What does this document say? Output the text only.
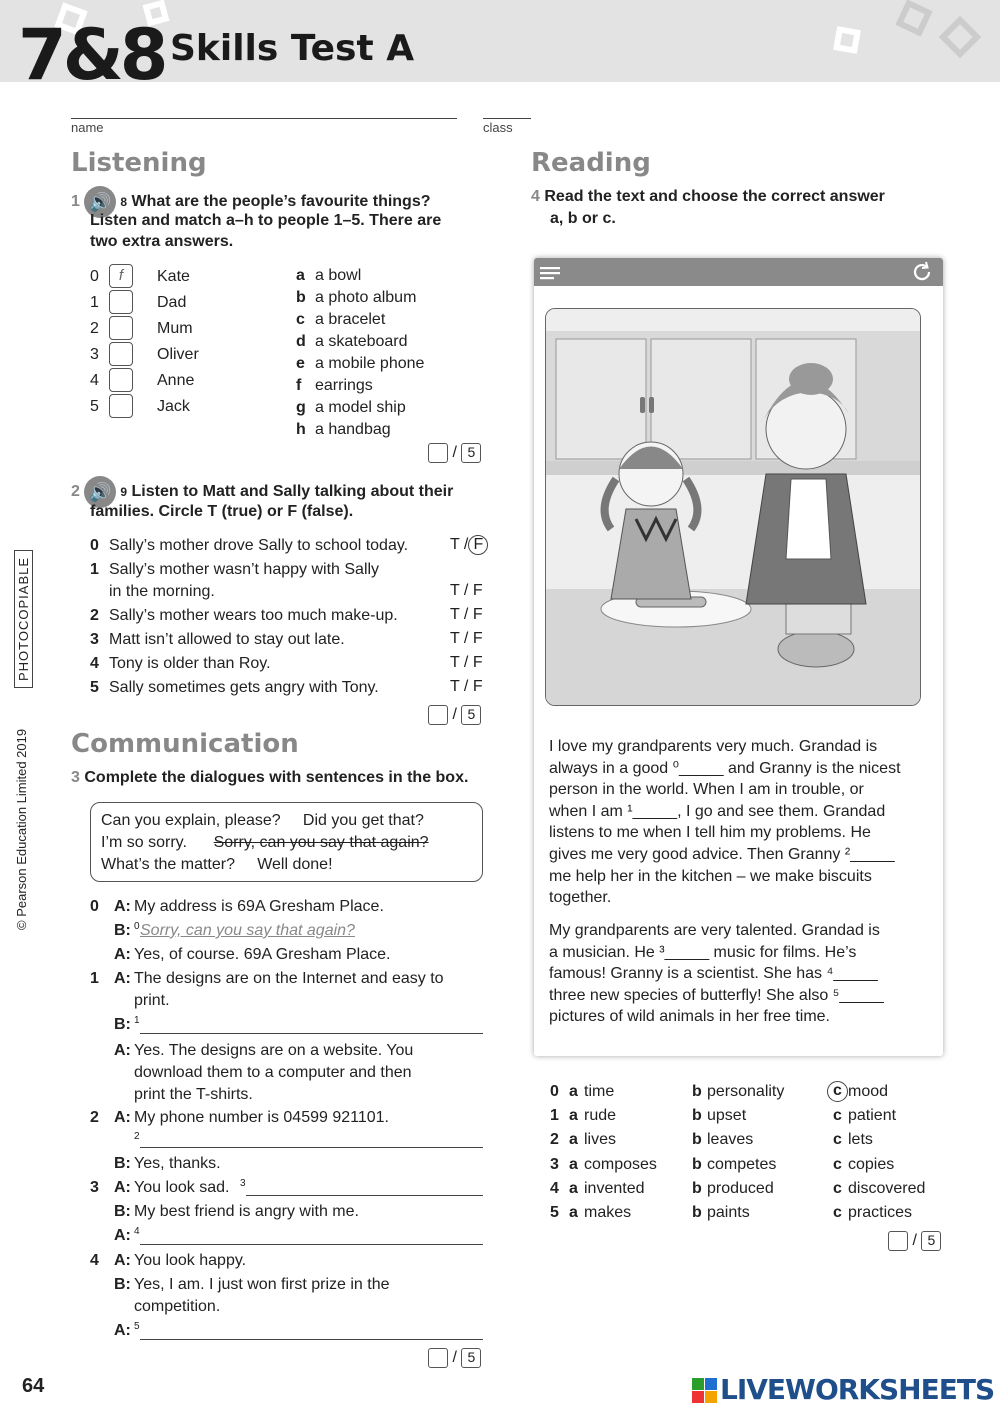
7&8 Skills Test A
name	class
© Pearson Education Limited 2019
PHOTOCOPIABLE
Listening
1 🔊 8 What are the people’s favourite things?
Listen and match a–h to people 1–5. There are
two extra answers.
0	f	Kate
1	Dad
2	Mum
3	Oliver
4	Anne
5	Jack
a a bowl
b a photo album
c a bracelet
d a skateboard
e a mobile phone
f earrings
g a model ship
h a handbag
/ 5
2 🔊 9 Listen to Matt and Sally talking about their
families. Circle T (true) or F (false).
0 Sally’s mother drove Sally to school today.	T / F
1 Sally’s mother wasn’t happy with Sally
in the morning.	T / F
2 Sally’s mother wears too much make-up.	T / F
3 Matt isn’t allowed to stay out late.	T / F
4 Tony is older than Roy.	T / F
5 Sally sometimes gets angry with Tony.	T / F
/ 5
Communication
3 Complete the dialogues with sentences in the box.
Can you explain, please? Did you get that?
I’m so sorry. Sorry, can you say that again?
What’s the matter? Well done!
0 A: My address is 69A Gresham Place.
B: 0 Sorry, can you say that again?
A: Yes, of course. 69A Gresham Place.
1 A: The designs are on the Internet and easy to
print.
B: 1
A: Yes. The designs are on a website. You
download them to a computer and then
print the T-shirts.
2 A: My phone number is 04599 921101.
2
B: Yes, thanks.
3 A: You look sad. 3
B: My best friend is angry with me.
A: 4
4 A: You look happy.
B: Yes, I am. I just won first prize in the
competition.
A: 5
/ 5
Reading
4 Read the text and choose the correct answer
a, b or c.
I love my grandparents very much. Grandad is
always in a good ⁰_____ and Granny is the nicest
person in the world. When I am in trouble, or
when I am ¹_____, I go and see them. Grandad
listens to me when I tell him my problems. He
gives me very good advice. Then Granny ²_____
me help her in the kitchen – we make biscuits
together.
My grandparents are very talented. Grandad is
a musician. He ³_____ music for films. He’s
famous! Granny is a scientist. She has ⁴_____
three new species of butterfly! She also ⁵_____
pictures of wild animals in her free time.
0 a time	b personality	c mood
1 a rude	b upset	c patient
2 a lives	b leaves	c lets
3 a composes b competes	c copies
4 a invented	b produced	c discovered
5 a makes	b paints	c practices
/ 5
64	LIVEWORKSHEETS
